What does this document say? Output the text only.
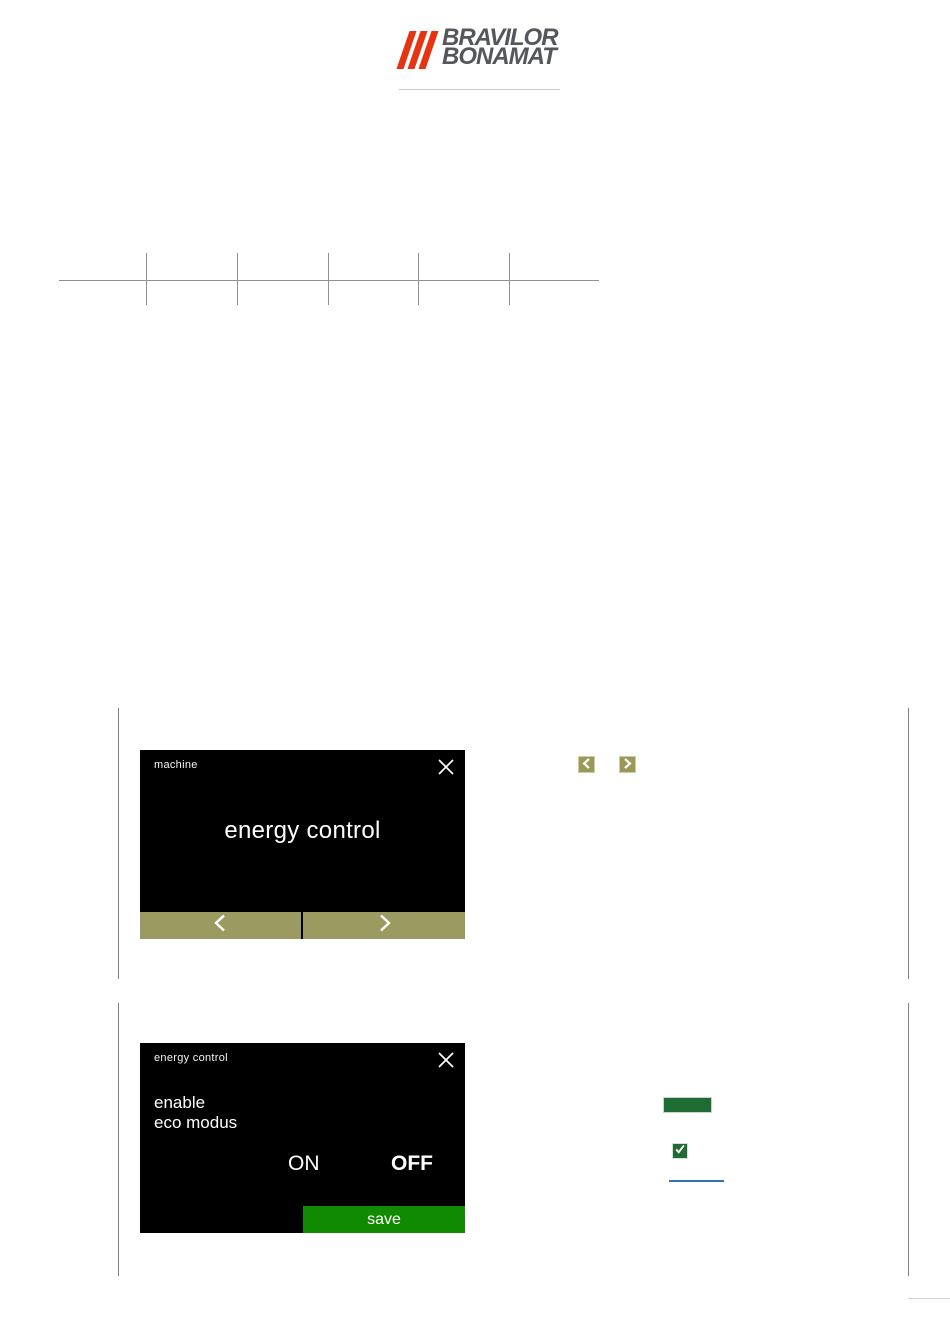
BRAVILOR
BONAMAT
machine
energy control
energy control
enable
eco modus
ON	OFF
save
